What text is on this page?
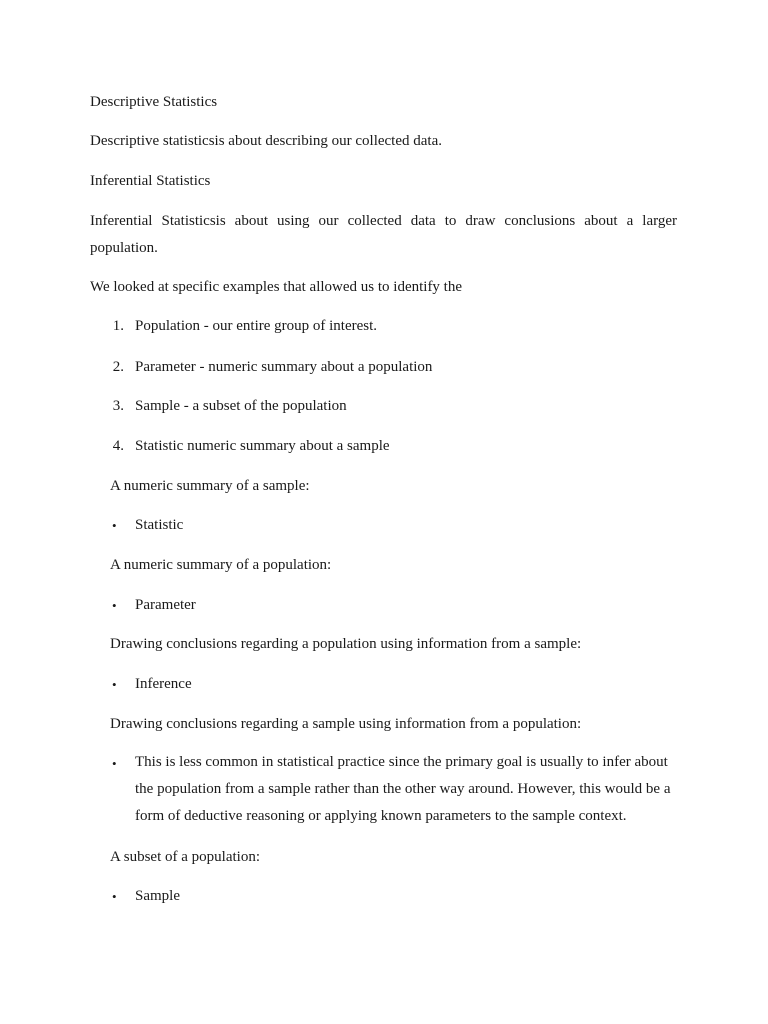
Descriptive Statistics
Descriptive statisticsis about describing our collected data.
Inferential Statistics
Inferential Statisticsis about using our collected data to draw conclusions about a larger
population.
We looked at specific examples that allowed us to identify the
1. Population - our entire group of interest.
2. Parameter - numeric summary about a population
3. Sample - a subset of the population
4. Statistic numeric summary about a sample
A numeric summary of a sample:
• Statistic
A numeric summary of a population:
• Parameter
Drawing conclusions regarding a population using information from a sample:
• Inference
Drawing conclusions regarding a sample using information from a population:
• This is less common in statistical practice since the primary goal is usually to infer about the population from a sample rather than the other way around. However, this would be a form of deductive reasoning or applying known parameters to the sample context.
A subset of a population:
• Sample
